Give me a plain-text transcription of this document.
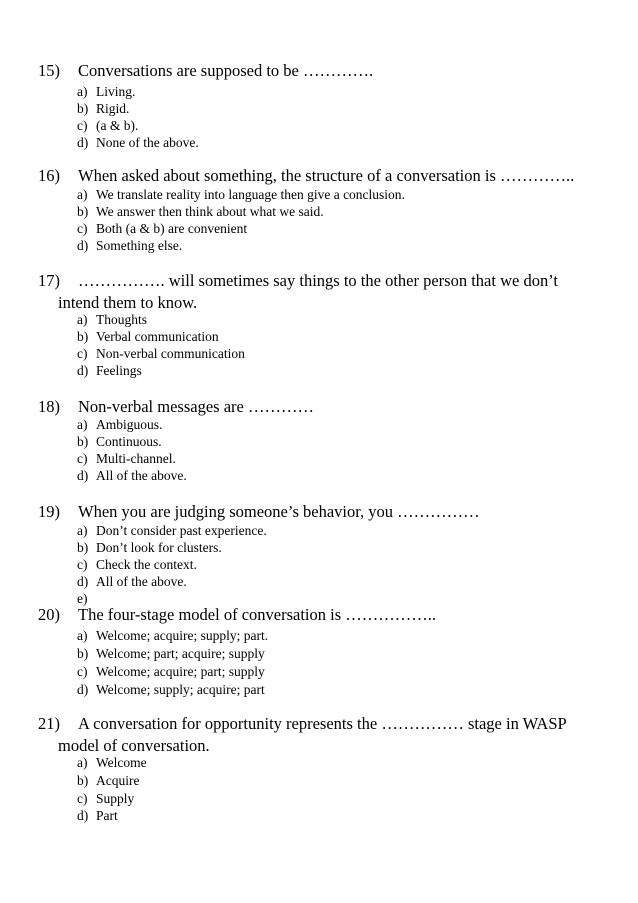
15) Conversations are supposed to be ………….
a) Living.
b) Rigid.
c) (a & b).
d) None of the above.
16) When asked about something, the structure of a conversation is …………..
a) We translate reality into language then give a conclusion.
b) We answer then think about what we said.
c) Both (a & b) are convenient
d) Something else.
17) ……………. will sometimes say things to the other person that we don’t
intend them to know.
a) Thoughts
b) Verbal communication
c) Non-verbal communication
d) Feelings
18) Non-verbal messages are …………
a) Ambiguous.
b) Continuous.
c) Multi-channel.
d) All of the above.
19) When you are judging someone’s behavior, you ……………
a) Don’t consider past experience.
b) Don’t look for clusters.
c) Check the context.
d) All of the above.
e)
20) The four-stage model of conversation is ……………..
a) Welcome; acquire; supply; part.
b) Welcome; part; acquire; supply
c) Welcome; acquire; part; supply
d) Welcome; supply; acquire; part
21) A conversation for opportunity represents the …………… stage in WASP
model of conversation.
a) Welcome
b) Acquire
c) Supply
d) Part
